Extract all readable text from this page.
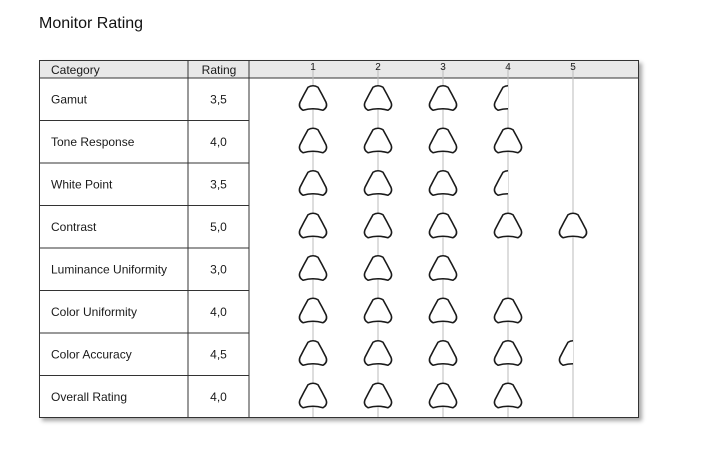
Monitor Rating
Category	Rating	1	2	3	4	5
Gamut	3,5
Tone Response	4,0
White Point	3,5
Contrast	5,0
Luminance Uniformity	3,0
Color Uniformity	4,0
Color Accuracy	4,5
Overall Rating	4,0
